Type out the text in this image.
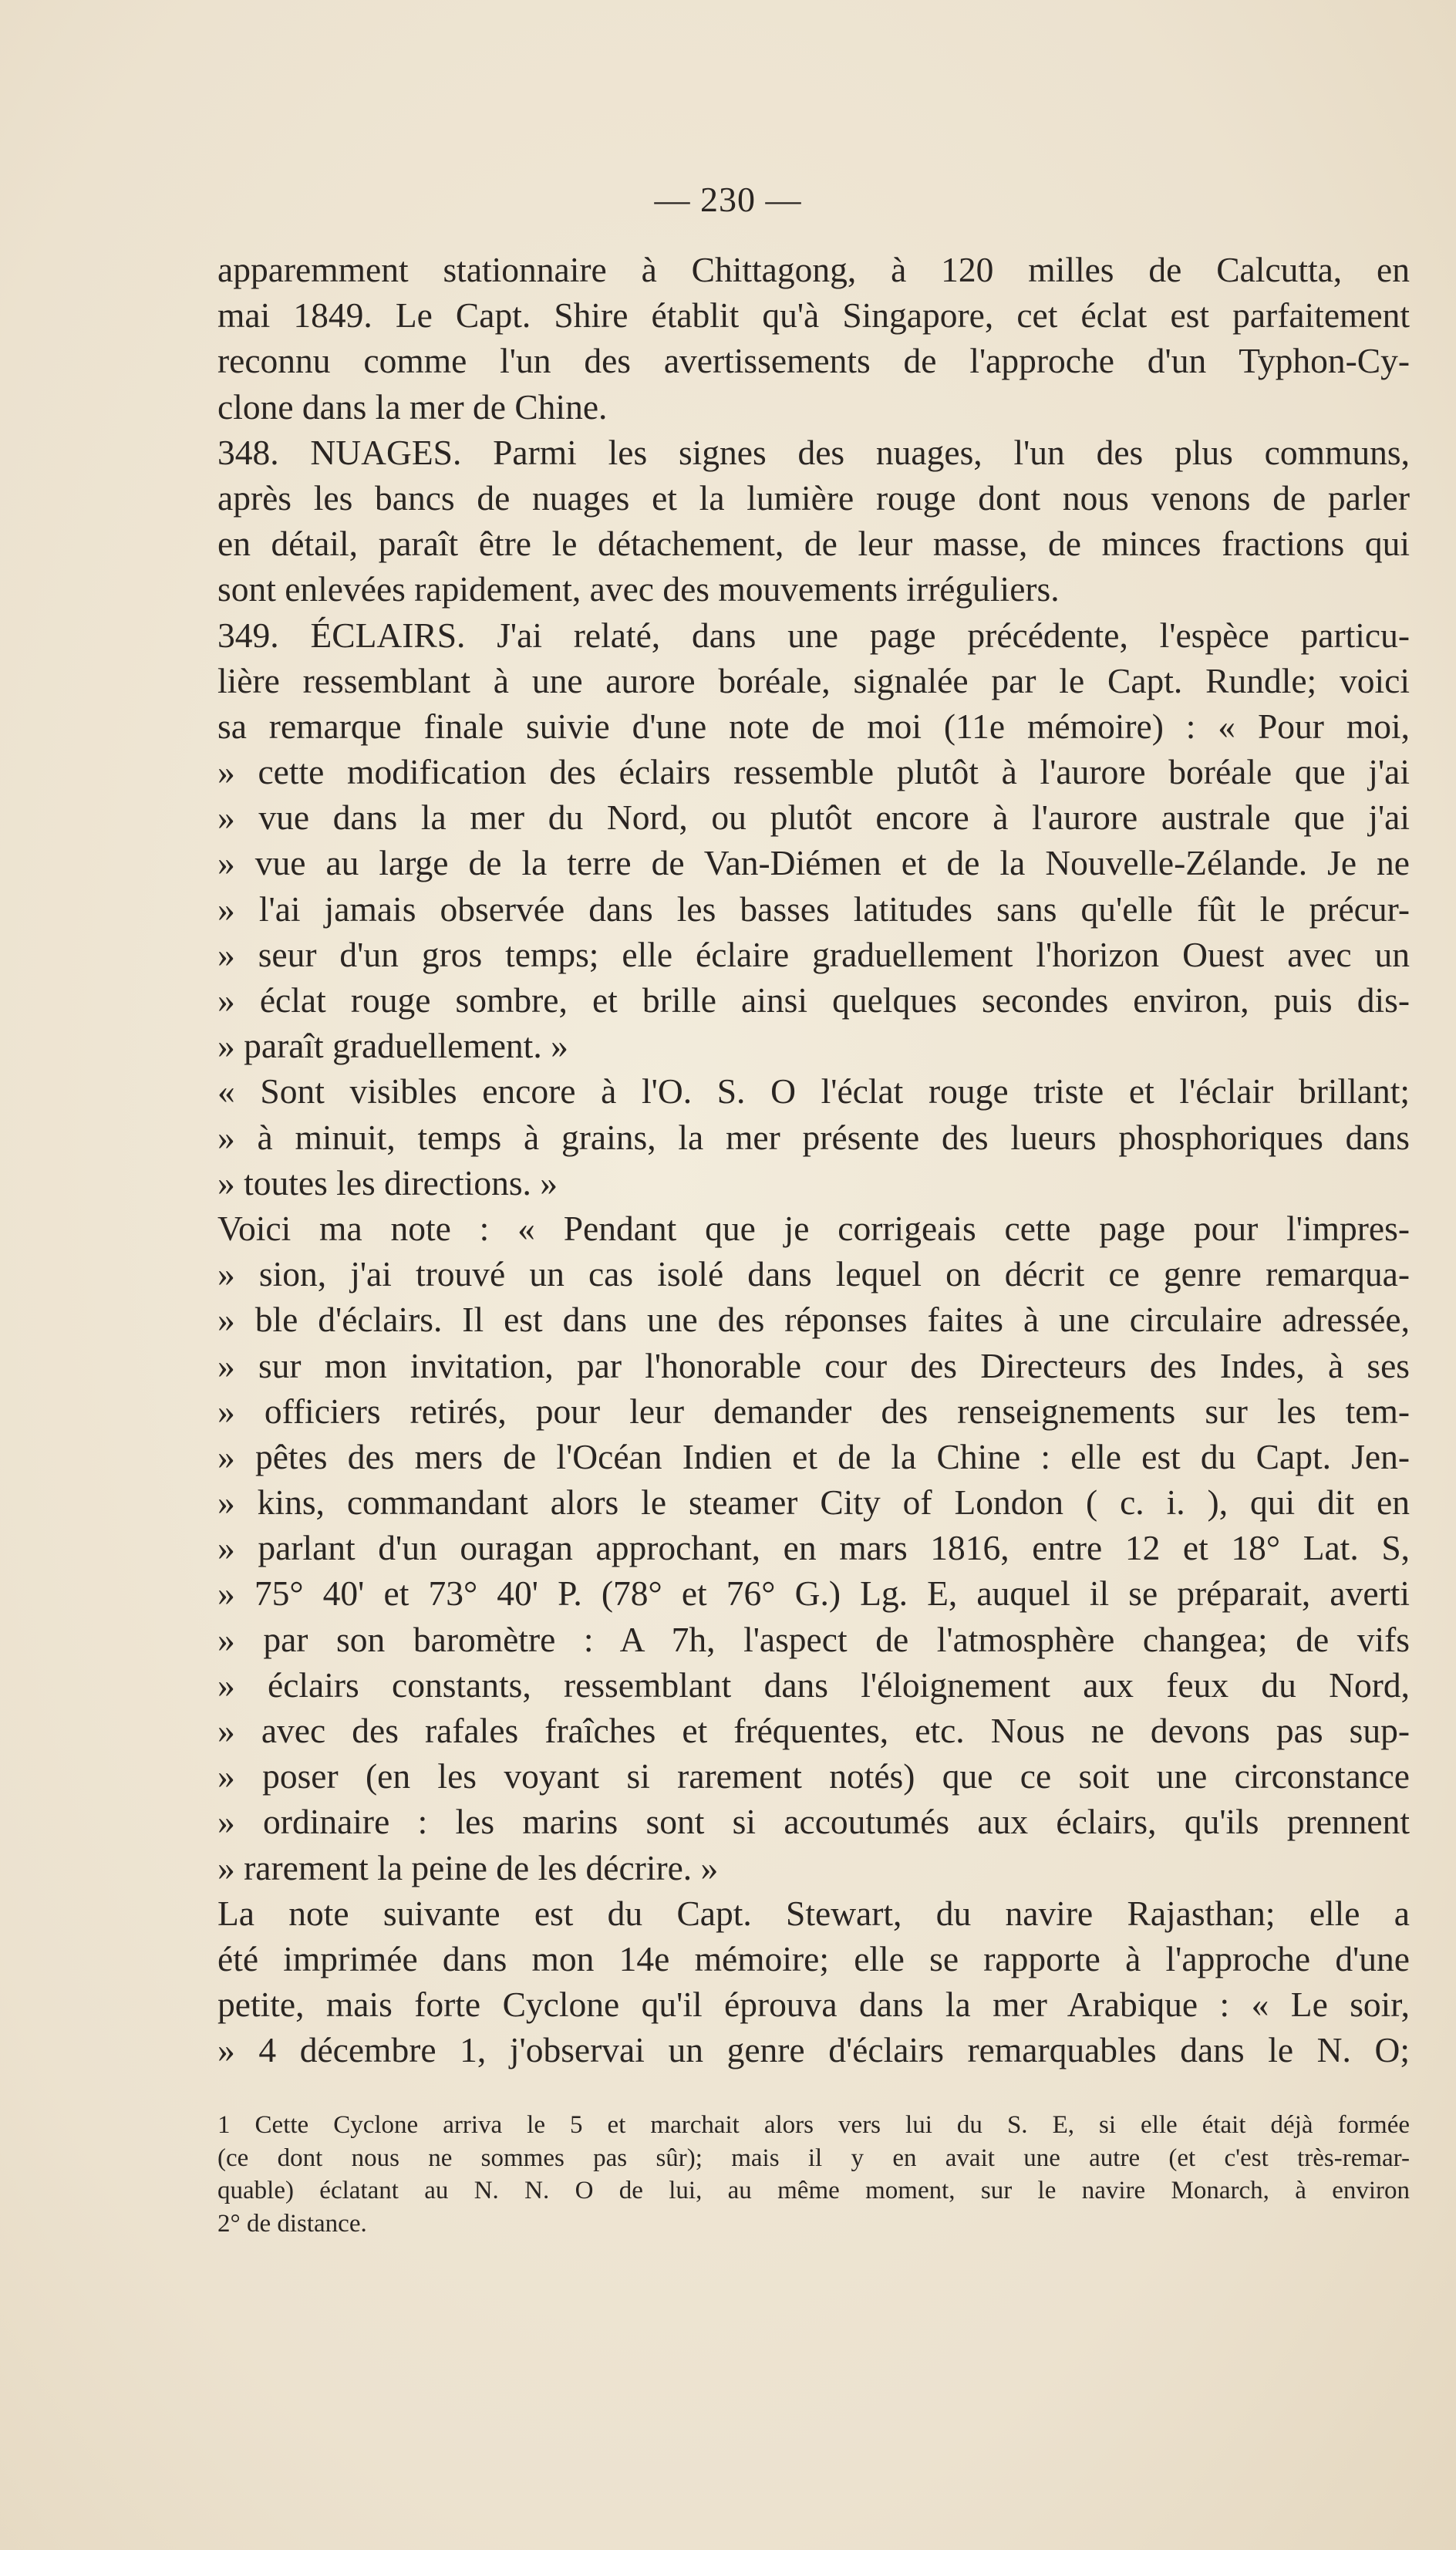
— 230 —
apparemment stationnaire à Chittagong, à 120 milles de Calcutta, en
mai 1849. Le Capt. Shire établit qu'à Singapore, cet éclat est parfaitement
reconnu comme l'un des avertissements de l'approche d'un Typhon-Cy-
clone dans la mer de Chine.
348. NUAGES. Parmi les signes des nuages, l'un des plus communs,
après les bancs de nuages et la lumière rouge dont nous venons de parler
en détail, paraît être le détachement, de leur masse, de minces fractions qui
sont enlevées rapidement, avec des mouvements irréguliers.
349. ÉCLAIRS. J'ai relaté, dans une page précédente, l'espèce particu-
lière ressemblant à une aurore boréale, signalée par le Capt. Rundle; voici
sa remarque finale suivie d'une note de moi (11e mémoire) : « Pour moi,
» cette modification des éclairs ressemble plutôt à l'aurore boréale que j'ai
» vue dans la mer du Nord, ou plutôt encore à l'aurore australe que j'ai
» vue au large de la terre de Van-Diémen et de la Nouvelle-Zélande. Je ne
» l'ai jamais observée dans les basses latitudes sans qu'elle fût le précur-
» seur d'un gros temps; elle éclaire graduellement l'horizon Ouest avec un
» éclat rouge sombre, et brille ainsi quelques secondes environ, puis dis-
» paraît graduellement. »
« Sont visibles encore à l'O. S. O l'éclat rouge triste et l'éclair brillant;
» à minuit, temps à grains, la mer présente des lueurs phosphoriques dans
» toutes les directions. »
Voici ma note : « Pendant que je corrigeais cette page pour l'impres-
» sion, j'ai trouvé un cas isolé dans lequel on décrit ce genre remarqua-
» ble d'éclairs. Il est dans une des réponses faites à une circulaire adressée,
» sur mon invitation, par l'honorable cour des Directeurs des Indes, à ses
» officiers retirés, pour leur demander des renseignements sur les tem-
» pêtes des mers de l'Océan Indien et de la Chine : elle est du Capt. Jen-
» kins, commandant alors le steamer City of London ( c. i. ), qui dit en
» parlant d'un ouragan approchant, en mars 1816, entre 12 et 18° Lat. S,
» 75° 40' et 73° 40' P. (78° et 76° G.) Lg. E, auquel il se préparait, averti
» par son baromètre : A 7h, l'aspect de l'atmosphère changea; de vifs
» éclairs constants, ressemblant dans l'éloignement aux feux du Nord,
» avec des rafales fraîches et fréquentes, etc. Nous ne devons pas sup-
» poser (en les voyant si rarement notés) que ce soit une circonstance
» ordinaire : les marins sont si accoutumés aux éclairs, qu'ils prennent
» rarement la peine de les décrire. »
La note suivante est du Capt. Stewart, du navire Rajasthan; elle a
été imprimée dans mon 14e mémoire; elle se rapporte à l'approche d'une
petite, mais forte Cyclone qu'il éprouva dans la mer Arabique : « Le soir,
» 4 décembre 1, j'observai un genre d'éclairs remarquables dans le N. O;
1 Cette Cyclone arriva le 5 et marchait alors vers lui du S. E, si elle était déjà formée
(ce dont nous ne sommes pas sûr); mais il y en avait une autre (et c'est très-remar-
quable) éclatant au N. N. O de lui, au même moment, sur le navire Monarch, à environ
2° de distance.
